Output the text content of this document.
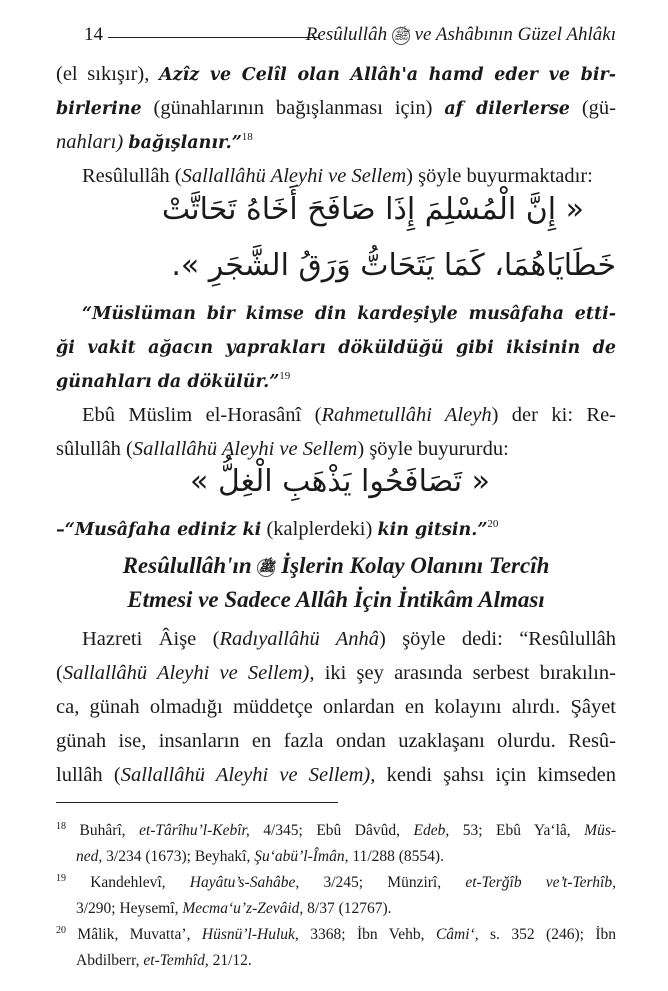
14	Resûlullâh ﷺ ve Ashâbının Güzel Ahlâkı
(el sıkışır), Azîz ve Celîl olan Allâh'a hamd eder ve bir-
birlerine (günahlarının bağışlanması için) af dilerlerse (gü-
nahları) bağışlanır.”$^{18}$
Resûlullâh (Sallallâhü Aleyhi ve Sellem) şöyle buyurmaktadır:
« إِنَّ الْمُسْلِمَ إِذَا صَافَحَ أَخَاهُ تَحَاتَّتْ
خَطَايَاهُمَا، كَمَا يَتَحَاتُّ وَرَقُ الشَّجَرِ ».
“Müslüman bir kimse din kardeşiyle musâfaha etti-
ği vakit ağacın yaprakları döküldüğü gibi ikisinin de
günahları da dökülür.”$^{19}$
Ebû Müslim el-Horasânî (Rahmetullâhi Aleyh) der ki: Re-
sûlullâh (Sallallâhü Aleyhi ve Sellem) şöyle buyururdu:
« تَصَافَحُوا يَذْهَبِ الْغِلُّ »
–“Musâfaha ediniz ki (kalplerdeki) kin gitsin.”$^{20}$
Resûlullâh'ın ﷺ İşlerin Kolay Olanını Tercîh
Etmesi ve Sadece Allâh İçin İntikâm Alması
Hazreti Âişe (Radıyallâhü Anhâ) şöyle dedi: “Resûlullâh
(Sallallâhü Aleyhi ve Sellem), iki şey arasında serbest bırakılın-
ca, günah olmadığı müddetçe onlardan en kolayını alırdı. Şâyet
günah ise, insanların en fazla ondan uzaklaşanı olurdu. Resû-
lullâh (Sallallâhü Aleyhi ve Sellem), kendi şahsı için kimseden
$^{18}$ Buhârî, et-Târîhu’l-Kebîr, 4/345; Ebû Dâvûd, Edeb, 53; Ebû Ya‘lâ, Müs-
ned, 3/234 (1673); Beyhakî, Şu‘abü’l-Îmân, 11/288 (8554).
$^{19}$ Kandehlevî, Hayâtu’s-Sahâbe, 3/245; Münzirî, et-Terğîb ve’t-Terhîb,
3/290; Heysemî, Mecma‘u’z-Zevâid, 8/37 (12767).
$^{20}$ Mâlik, Muvatta’, Hüsnü’l-Huluk, 3368; İbn Vehb, Câmi‘, s. 352 (246); İbn
Abdilberr, et-Temhîd, 21/12.
